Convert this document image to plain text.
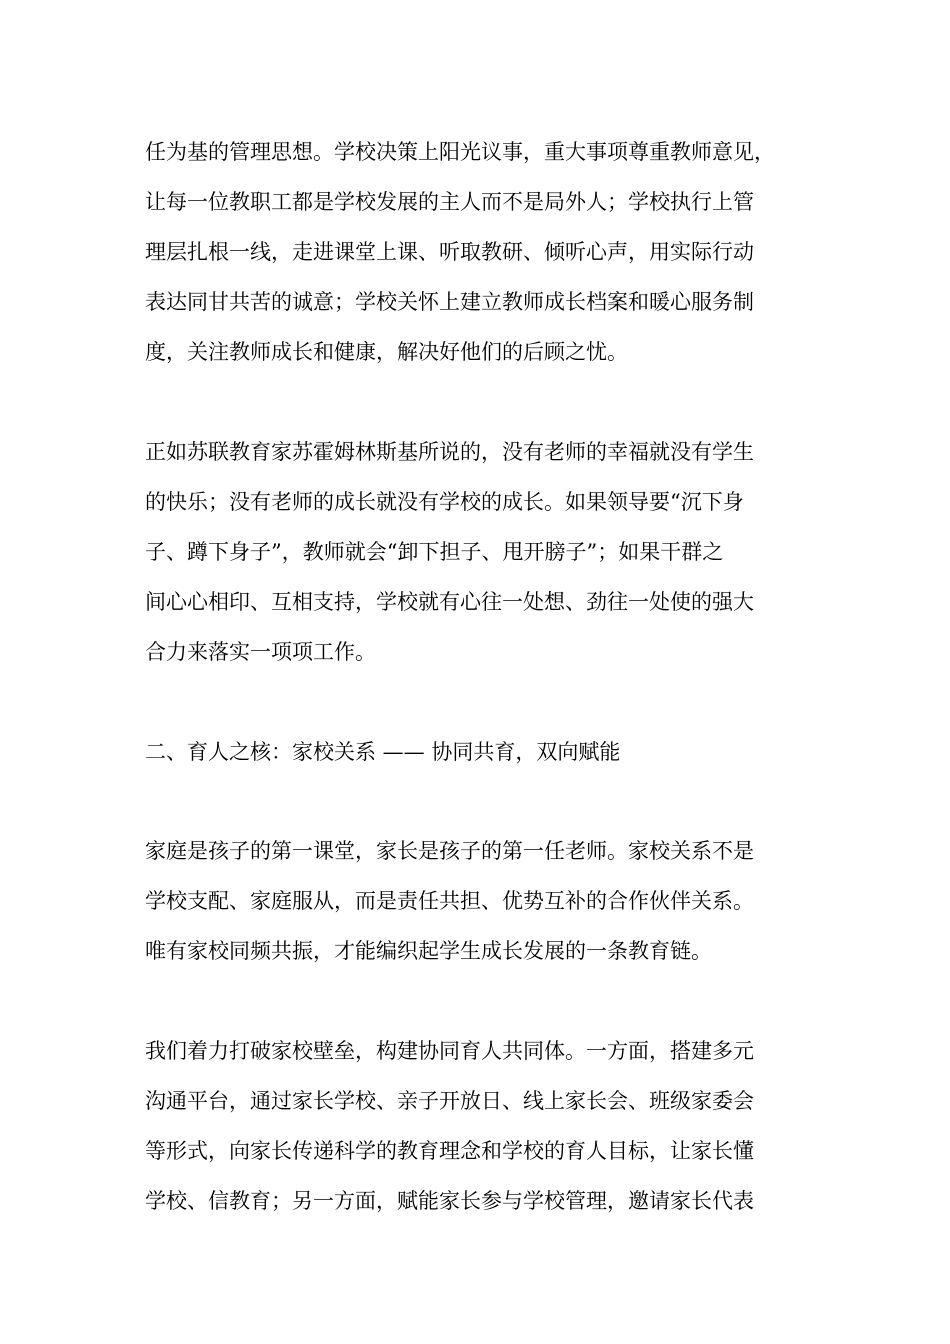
任为基的管理思想。学校决策上阳光议事，重大事项尊重教师意见，
让每一位教职工都是学校发展的主人而不是局外人；学校执行上管
理层扎根一线，走进课堂上课、听取教研、倾听心声，用实际行动
表达同甘共苦的诚意；学校关怀上建立教师成长档案和暖心服务制
度，关注教师成长和健康，解决好他们的后顾之忧。
正如苏联教育家苏霍姆林斯基所说的，没有老师的幸福就没有学生
的快乐；没有老师的成长就没有学校的成长。如果领导要“沉下身
子、蹲下身子”，教师就会“卸下担子、甩开膀子”；如果干群之
间心心相印、互相支持，学校就有心往一处想、劲往一处使的强大
合力来落实一项项工作。
二、育人之核：家校关系 —— 协同共育，双向赋能
家庭是孩子的第一课堂，家长是孩子的第一任老师。家校关系不是
学校支配、家庭服从，而是责任共担、优势互补的合作伙伴关系。
唯有家校同频共振，才能编织起学生成长发展的一条教育链。
我们着力打破家校壁垒，构建协同育人共同体。一方面，搭建多元
沟通平台，通过家长学校、亲子开放日、线上家长会、班级家委会
等形式，向家长传递科学的教育理念和学校的育人目标，让家长懂
学校、信教育；另一方面，赋能家长参与学校管理，邀请家长代表
